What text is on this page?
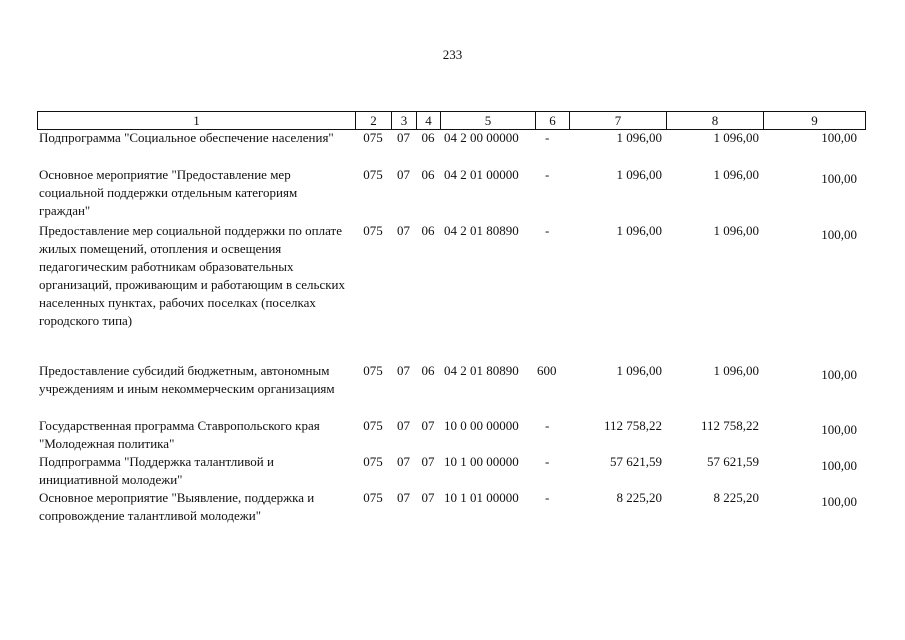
233
1	2	3	4	5	6	7	8	9
Подпрограмма "Социальное обеспечение населения"	075	07	06	04 2 00 00000	-	1 096,00	1 096,00	100,00
Основное мероприятие "Предоставление мер социальной поддержки отдельным категориям граждан"	075	07	06	04 2 01 00000	-	1 096,00	1 096,00	100,00
Предоставление мер социальной поддержки по оплате жилых помещений, отопления и освещения педагогическим работникам образовательных организаций, проживающим и работающим в сельских населенных пунктах, рабочих поселках (поселках городского типа)	075	07	06	04 2 01 80890	-	1 096,00	1 096,00	100,00
Предоставление субсидий бюджетным, автономным учреждениям и иным некоммерческим организациям	075	07	06	04 2 01 80890	600	1 096,00	1 096,00	100,00
Государственная программа Ставропольского края "Молодежная политика"	075	07	07	10 0 00 00000	-	112 758,22	112 758,22	100,00
Подпрограмма "Поддержка талантливой и инициативной молодежи"	075	07	07	10 1 00 00000	-	57 621,59	57 621,59	100,00
Основное мероприятие "Выявление, поддержка и сопровождение талантливой молодежи"	075	07	07	10 1 01 00000	-	8 225,20	8 225,20	100,00
